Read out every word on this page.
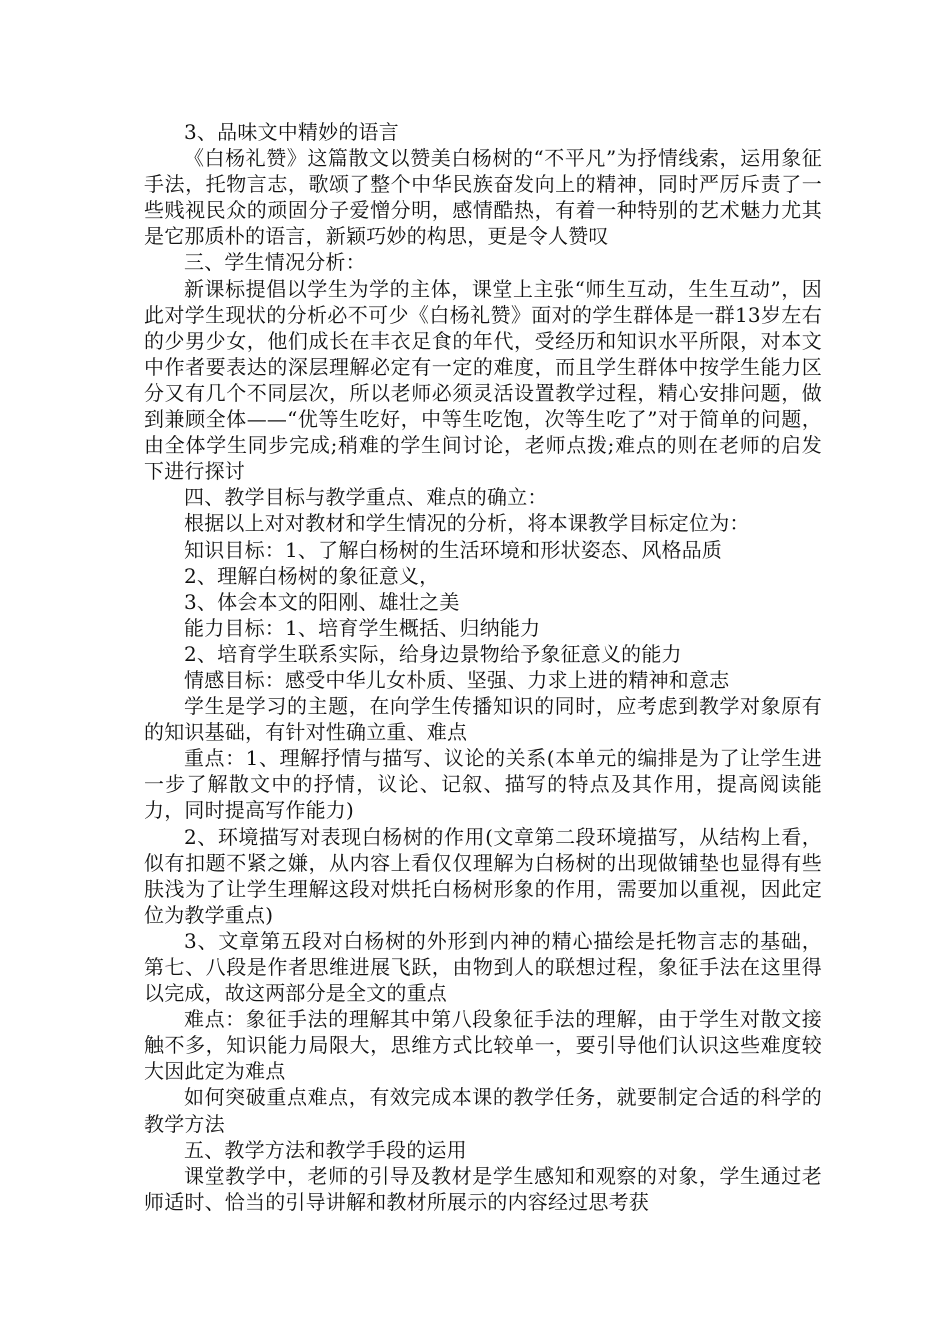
3、品味文中精妙的语言

《白杨礼赞》这篇散文以赞美白杨树的“不平凡”为抒情线索，运用象征手法，托物言志，歌颂了整个中华民族奋发向上的精神，同时严厉斥责了一些贱视民众的顽固分子爱憎分明，感情酷热，有着一种特别的艺术魅力尤其是它那质朴的语言，新颖巧妙的构思，更是令人赞叹

三、学生情况分析：

新课标提倡以学生为学的主体，课堂上主张“师生互动，生生互动”，因此对学生现状的分析必不可少《白杨礼赞》面对的学生群体是一群13岁左右的少男少女，他们成长在丰衣足食的年代，受经历和知识水平所限，对本文中作者要表达的深层理解必定有一定的难度，而且学生群体中按学生能力区分又有几个不同层次，所以老师必须灵活设置教学过程，精心安排问题，做到兼顾全体——“优等生吃好，中等生吃饱，次等生吃了”对于简单的问题，由全体学生同步完成;稍难的学生间讨论，老师点拨;难点的则在老师的启发下进行探讨

四、教学目标与教学重点、难点的确立：

根据以上对对教材和学生情况的分析，将本课教学目标定位为：

知识目标：1、了解白杨树的生活环境和形状姿态、风格品质

2、理解白杨树的象征意义，

3、体会本文的阳刚、雄壮之美

能力目标：1、培育学生概括、归纳能力

2、培育学生联系实际，给身边景物给予象征意义的能力

情感目标：感受中华儿女朴质、坚强、力求上进的精神和意志

学生是学习的主题，在向学生传播知识的同时，应考虑到教学对象原有的知识基础，有针对性确立重、难点

重点：1、理解抒情与描写、议论的关系(本单元的编排是为了让学生进一步了解散文中的抒情，议论、记叙、描写的特点及其作用，提高阅读能力，同时提高写作能力)

2、环境描写对表现白杨树的作用(文章第二段环境描写，从结构上看，似有扣题不紧之嫌，从内容上看仅仅理解为白杨树的出现做铺垫也显得有些肤浅为了让学生理解这段对烘托白杨树形象的作用，需要加以重视，因此定位为教学重点)

3、文章第五段对白杨树的外形到内神的精心描绘是托物言志的基础，第七、八段是作者思维进展飞跃，由物到人的联想过程，象征手法在这里得以完成，故这两部分是全文的重点

难点：象征手法的理解其中第八段象征手法的理解，由于学生对散文接触不多，知识能力局限大，思维方式比较单一，要引导他们认识这些难度较大因此定为难点

如何突破重点难点，有效完成本课的教学任务，就要制定合适的科学的教学方法

五、教学方法和教学手段的运用

课堂教学中，老师的引导及教材是学生感知和观察的对象，学生通过老师适时、恰当的引导讲解和教材所展示的内容经过思考获
